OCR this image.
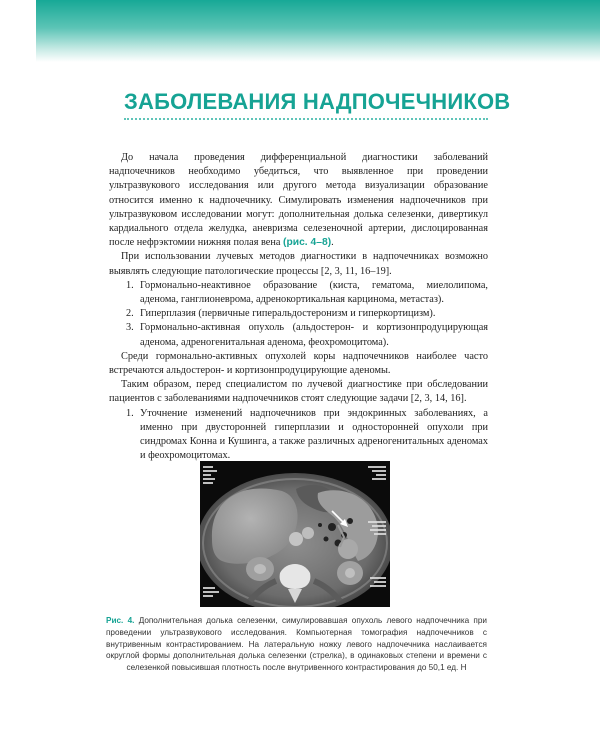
ЗАБОЛЕВАНИЯ НАДПОЧЕЧНИКОВ

До начала проведения дифференциальной диагностики заболеваний надпочечников необходимо убедиться, что выявленное при проведении ультразвукового исследования или другого метода визуализации образование относится именно к надпочечнику. Симулировать изменения надпочечников при ультразвуковом исследовании могут: дополнительная долька селезенки, дивертикул кардиального отдела желудка, аневризма селезеночной артерии, дислоцированная после нефрэктомии нижняя полая вена (рис. 4–8).

При использовании лучевых методов диагностики в надпочечниках возможно выявлять следующие патологические процессы [2, 3, 11, 16–19].

1. Гормонально-неактивное образование (киста, гематома, миелолипома, аденома, ганглионеврома, адренокортикальная карцинома, метастаз).
2. Гиперплазия (первичные гиперальдостеронизм и гиперкортицизм).
3. Гормонально-активная опухоль (альдостерон- и кортизонпродуцирующая аденома, адреногенитальная аденома, феохромоцитома).

Среди гормонально-активных опухолей коры надпочечников наиболее часто встречаются альдостерон- и кортизонпродуцирующие аденомы.

Таким образом, перед специалистом по лучевой диагностике при обследовании пациентов с заболеваниями надпочечников стоят следующие задачи [2, 3, 14, 16].

1. Уточнение изменений надпочечников при эндокринных заболеваниях, а именно при двусторонней гиперплазии и односторонней опухоли при синдромах Конна и Кушинга, а также различных адреногенитальных аденомах и феохромоцитомах.
Рис. 4. Дополнительная долька селезенки, симулировавшая опухоль левого надпочечника при проведении ультразвукового исследования. Компьютерная томография надпочечников с внутривенным контрастированием. На латеральную ножку левого надпочечника наслаивается округлой формы дополнительная долька селезенки (стрелка), в одинаковых степени и времени с селезенкой повысившая плотность после внутривенного контрастирования до 50,1 ед. Н
